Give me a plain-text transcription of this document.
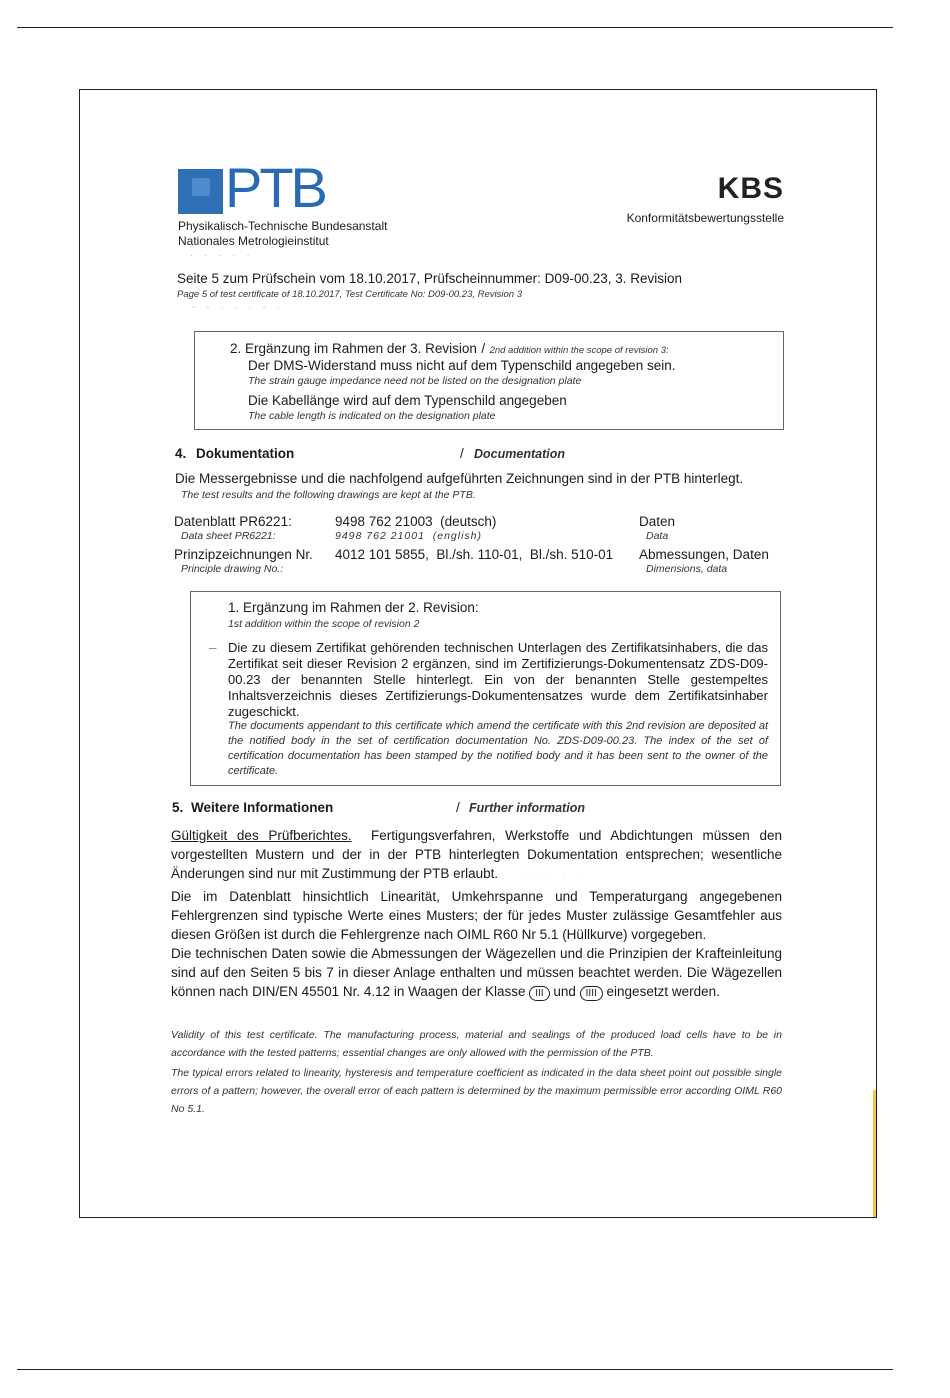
PTB
Physikalisch-Technische Bundesanstalt
Nationales Metrologieinstitut
· · · · ·
KBS
Konformitätsbewertungsstelle
Seite 5 zum Prüfschein vom 18.10.2017, Prüfscheinnummer: D09-00.23, 3. Revision
Page 5 of test certificate of 18.10.2017, Test Certificate No: D09-00.23, Revision 3
- - · · · - ·
2. Ergänzung im Rahmen der 3. Revision / 2nd addition within the scope of revision 3:
Der DMS-Widerstand muss nicht auf dem Typenschild angegeben sein.
The strain gauge impedance need not be listed on the designation plate
Die Kabellänge wird auf dem Typenschild angegeben
The cable length is indicated on the designation plate
4. Dokumentation	/ Documentation
Die Messergebnisse und die nachfolgend aufgeführten Zeichnungen sind in der PTB hinterlegt.
The test results and the following drawings are kept at the PTB.
Datenblatt PR6221:
Data sheet PR6221:
9498 762 21003  (deutsch)
9498 762 21001  (english)
Daten
Data
Prinzipzeichnungen Nr.
Principle drawing No.:
4012 101 5855,  Bl./sh. 110-01,  Bl./sh. 510-01 Abmessungen, Daten
Dimensions, data
1. Ergänzung im Rahmen der 2. Revision:
1st addition within the scope of revision 2
– Die zu diesem Zertifikat gehörenden technischen Unterlagen des Zertifikatsinhabers, die das Zertifikat seit dieser Revision 2 ergänzen, sind im Zertifizierungs-Dokumentensatz ZDS-D09-00.23 der benannten Stelle hinterlegt. Ein von der benannten Stelle gestempeltes Inhaltsverzeichnis dieses Zertifizierungs-Dokumentensatzes wurde dem Zertifikatsinhaber zugeschickt.
The documents appendant to this certificate which amend the certificate with this 2nd revision are deposited at the notified body in the set of certification documentation No. ZDS-D09-00.23. The index of the set of certification documentation has been stamped by the notified body and it has been sent to the owner of the certificate.
5. Weitere Informationen	/ Further information
Gültigkeit des Prüfberichtes. Fertigungsverfahren, Werkstoffe und Abdichtungen müssen den vorgestellten Mustern und der in der PTB hinterlegten Dokumentation entsprechen; wesentliche Änderungen sind nur mit Zustimmung der PTB erlaubt.
Die im Datenblatt hinsichtlich Linearität, Umkehrspanne und Temperaturgang angegebenen Fehlergrenzen sind typische Werte eines Musters; der für jedes Muster zulässige Gesamtfehler aus diesen Größen ist durch die Fehlergrenze nach OIML R60 Nr 5.1 (Hüllkurve) vorgegeben.
Die technischen Daten sowie die Abmessungen der Wägezellen und die Prinzipien der Krafteinleitung sind auf den Seiten 5 bis 7 in dieser Anlage enthalten und müssen beachtet werden. Die Wägezellen können nach DIN/EN 45501 Nr. 4.12 in Waagen der Klasse III und IIII eingesetzt werden.
Validity of this test certificate. The manufacturing process, material and sealings of the produced load cells have to be in accordance with the tested patterns; essential changes are only allowed with the permission of the PTB.
The typical errors related to linearity, hysteresis and temperature coefficient as indicated in the data sheet point out possible single errors of a pattern; however, the overall error of each pattern is determined by the maximum permissible error according OIML R60 No 5.1.
· · · · ·
